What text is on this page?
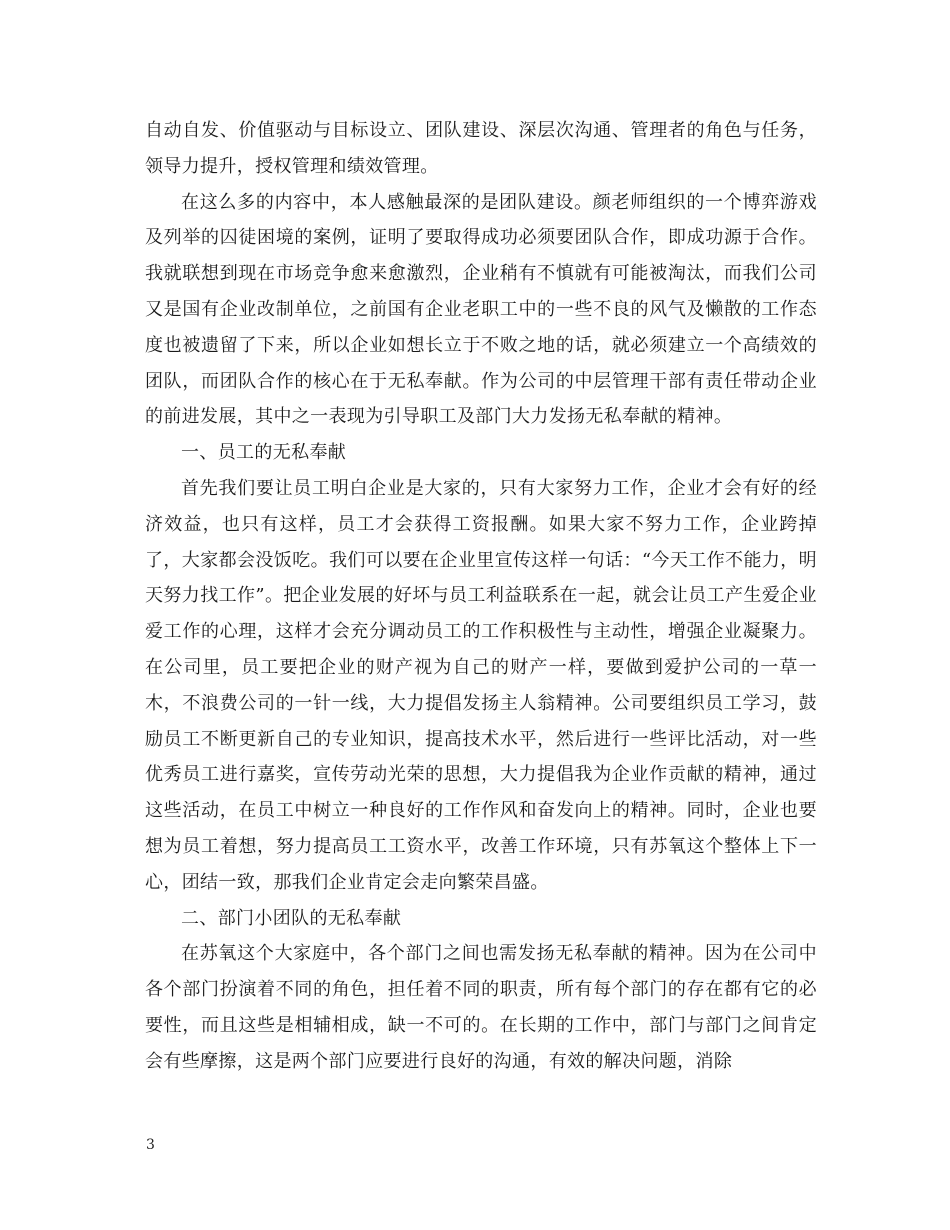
自动自发、价值驱动与目标设立、团队建设、深层次沟通、管理者的角色与任务，领导力提升，授权管理和绩效管理。

在这么多的内容中，本人感触最深的是团队建设。颜老师组织的一个博弈游戏及列举的囚徒困境的案例，证明了要取得成功必须要团队合作，即成功源于合作。我就联想到现在市场竞争愈来愈激烈，企业稍有不慎就有可能被淘汰，而我们公司又是国有企业改制单位，之前国有企业老职工中的一些不良的风气及懒散的工作态度也被遗留了下来，所以企业如想长立于不败之地的话，就必须建立一个高绩效的团队，而团队合作的核心在于无私奉献。作为公司的中层管理干部有责任带动企业的前进发展，其中之一表现为引导职工及部门大力发扬无私奉献的精神。

一、员工的无私奉献

首先我们要让员工明白企业是大家的，只有大家努力工作，企业才会有好的经济效益，也只有这样，员工才会获得工资报酬。如果大家不努力工作，企业跨掉了，大家都会没饭吃。我们可以要在企业里宣传这样一句话：“今天工作不能力，明天努力找工作”。把企业发展的好坏与员工利益联系在一起，就会让员工产生爱企业爱工作的心理，这样才会充分调动员工的工作积极性与主动性，增强企业凝聚力。在公司里，员工要把企业的财产视为自己的财产一样，要做到爱护公司的一草一木，不浪费公司的一针一线，大力提倡发扬主人翁精神。公司要组织员工学习，鼓励员工不断更新自己的专业知识，提高技术水平，然后进行一些评比活动，对一些优秀员工进行嘉奖，宣传劳动光荣的思想，大力提倡我为企业作贡献的精神，通过这些活动，在员工中树立一种良好的工作作风和奋发向上的精神。同时，企业也要想为员工着想，努力提高员工工资水平，改善工作环境，只有苏氧这个整体上下一心，团结一致，那我们企业肯定会走向繁荣昌盛。

二、部门小团队的无私奉献

在苏氧这个大家庭中，各个部门之间也需发扬无私奉献的精神。因为在公司中各个部门扮演着不同的角色，担任着不同的职责，所有每个部门的存在都有它的必要性，而且这些是相辅相成，缺一不可的。在长期的工作中，部门与部门之间肯定会有些摩擦，这是两个部门应要进行良好的沟通，有效的解决问题，消除

3
